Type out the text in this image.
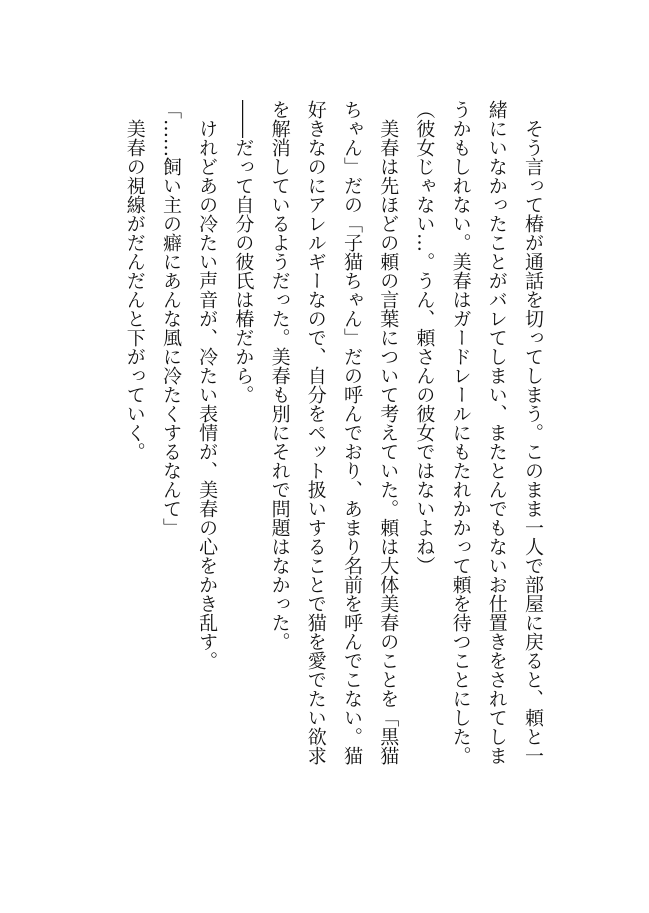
　そう言って椿が通話を切ってしまう。このまま一人で部屋に戻ると、頼と一
緒にいなかったことがバレてしまい、またとんでもないお仕置きをされてしま
うかもしれない。美春はガードレールにもたれかかって頼を待つことにした。
（彼女じゃない…。うん、頼さんの彼女ではないよね）
　美春は先ほどの頼の言葉について考えていた。頼は大体美春のことを「黒猫
ちゃん」だの「子猫ちゃん」だの呼んでおり、あまり名前を呼んでこない。猫
好きなのにアレルギーなので、自分をペット扱いすることで猫を愛でたい欲求
を解消しているようだった。美春も別にそれで問題はなかった。
――だって自分の彼氏は椿だから。
　けれどあの冷たい声音が、冷たい表情が、美春の心をかき乱す。
「……飼い主の癖にあんな風に冷たくするなんて」
　美春の視線がだんだんと下がっていく。
